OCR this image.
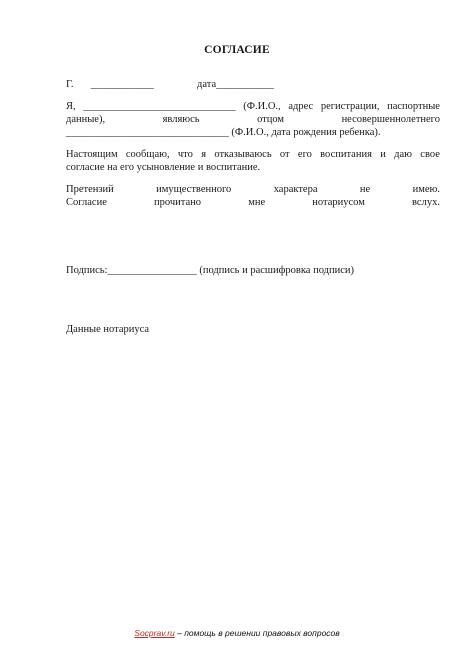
СОГЛАСИЕ
Г. ____________	дата___________
Я, _____________________________ (Ф.И.О., адрес регистрации, паспортные
данные),	являюсь	отцом	несовершеннолетнего
_______________________________ (Ф.И.О., дата рождения ребенка).
Настоящим сообщаю, что я отказываюсь от его воспитания и даю свое
согласие на его усыновление и воспитание.
Претензий	имущественного	характера	не	имею.
Согласие	прочитано	мне	нотариусом	вслух.
Подпись:_________________ (подпись и расшифровка подписи)
Данные нотариуса
Socprav.ru – помощь в решении правовых вопросов
